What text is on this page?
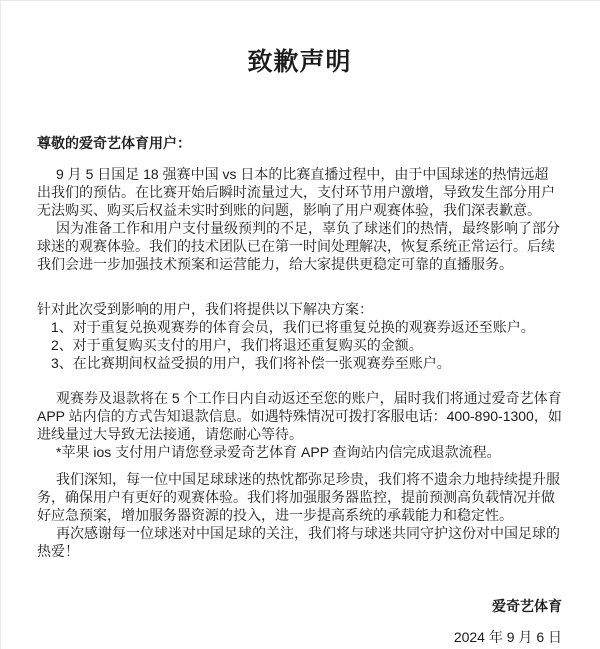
致歉声明

尊敬的爱奇艺体育用户：

9 月 5 日国足 18 强赛中国 vs 日本的比赛直播过程中，由于中国球迷的热情远超出我们的预估。在比赛开始后瞬时流量过大，支付环节用户激增，导致发生部分用户无法购买、购买后权益未实时到账的问题，影响了用户观赛体验，我们深表歉意。

因为准备工作和用户支付量级预判的不足，辜负了球迷们的热情，最终影响了部分球迷的观赛体验。我们的技术团队已在第一时间处理解决，恢复系统正常运行。后续我们会进一步加强技术预案和运营能力，给大家提供更稳定可靠的直播服务。

针对此次受到影响的用户，我们将提供以下解决方案：

1、对于重复兑换观赛券的体育会员，我们已将重复兑换的观赛券返还至账户。

2、对于重复购买支付的用户，我们将退还重复购买的金额。

3、在比赛期间权益受损的用户，我们将补偿一张观赛券至账户。

观赛券及退款将在 5 个工作日内自动返还至您的账户，届时我们将通过爱奇艺体育 APP 站内信的方式告知退款信息。如遇特殊情况可拨打客服电话：400-890-1300，如进线量过大导致无法接通，请您耐心等待。

*苹果 ios 支付用户请您登录爱奇艺体育 APP 查询站内信完成退款流程。

我们深知，每一位中国足球球迷的热忱都弥足珍贵，我们将不遗余力地持续提升服务，确保用户有更好的观赛体验。我们将加强服务器监控，提前预测高负载情况并做好应急预案，增加服务器资源的投入，进一步提高系统的承载能力和稳定性。

再次感谢每一位球迷对中国足球的关注，我们将与球迷共同守护这份对中国足球的热爱！

爱奇艺体育

2024 年 9 月 6 日
